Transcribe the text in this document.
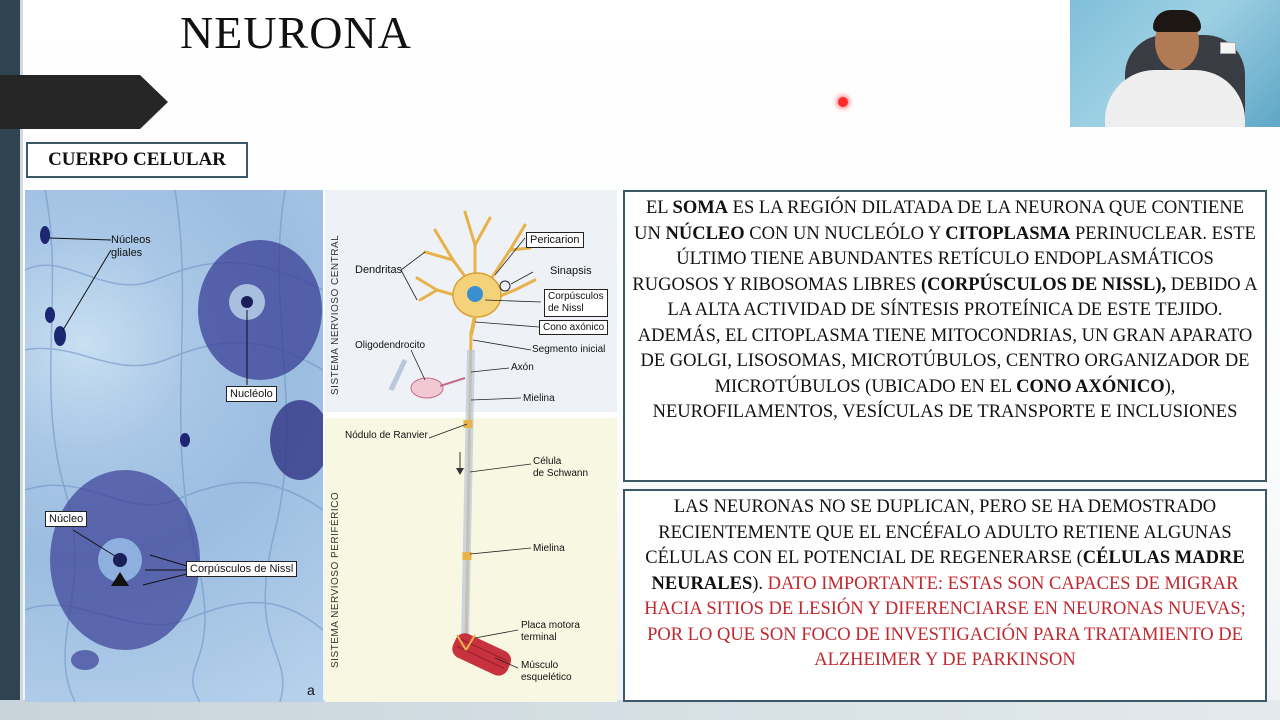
NEURONA
CUERPO CELULAR
Núcleos gliales
Nucléolo
Núcleo
Corpúsculos de Nissl
a
SISTEMA NERVIOSO CENTRAL
SISTEMA NERVIOSO PERIFÉRICO
Dendritas
Pericarion
Sinapsis
Corpúsculos
de Nissl
Cono axónico
Segmento inicial
Oligodendrocito
Axón
Mielina
Nódulo de Ranvier
Célula
de Schwann
Mielina
Placa motora
terminal
Músculo
esquelético
EL SOMA ES LA REGIÓN DILATADA DE LA NEURONA QUE CONTIENE UN NÚCLEO CON UN NUCLEÓLO Y CITOPLASMA PERINUCLEAR. ESTE ÚLTIMO TIENE ABUNDANTES RETÍCULO ENDOPLASMÁTICOS RUGOSOS Y RIBOSOMAS LIBRES (CORPÚSCULOS DE NISSL), DEBIDO A LA ALTA ACTIVIDAD DE SÍNTESIS PROTEÍNICA DE ESTE TEJIDO. ADEMÁS, EL CITOPLASMA TIENE MITOCONDRIAS, UN GRAN APARATO DE GOLGI, LISOSOMAS, MICROTÚBULOS, CENTRO ORGANIZADOR DE MICROTÚBULOS (UBICADO EN EL CONO AXÓNICO), NEUROFILAMENTOS, VESÍCULAS DE TRANSPORTE E INCLUSIONES
LAS NEURONAS NO SE DUPLICAN, PERO SE HA DEMOSTRADO RECIENTEMENTE QUE EL ENCÉFALO ADULTO RETIENE ALGUNAS CÉLULAS CON EL POTENCIAL DE REGENERARSE (CÉLULAS MADRE NEURALES). DATO IMPORTANTE: ESTAS SON CAPACES DE MIGRAR HACIA SITIOS DE LESIÓN Y DIFERENCIARSE EN NEURONAS NUEVAS; POR LO QUE SON FOCO DE INVESTIGACIÓN PARA TRATAMIENTO DE ALZHEIMER Y DE PARKINSON
